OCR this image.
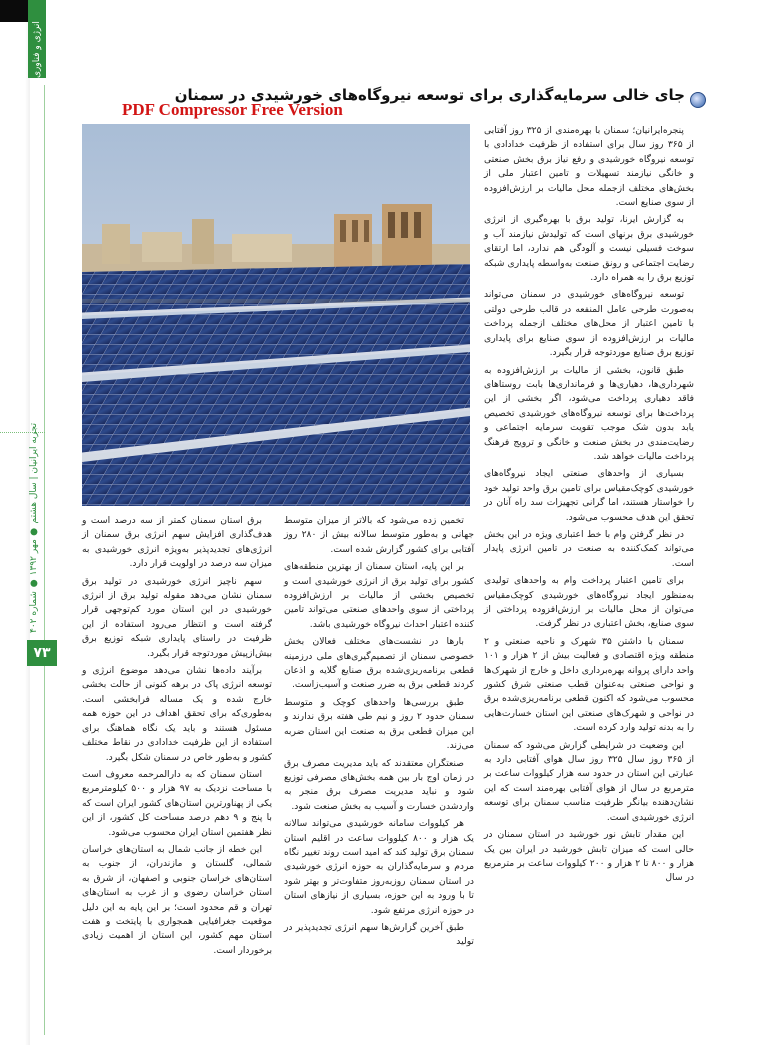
انرژی و فناوری
تجربه ایرانیان | سال هشتم ● مهر ۱۳۹۲ ● شماره ۴۰۲
۷۳
جای خالی سرمایه‌گذاری برای توسعه نیروگاه‌های خورشیدی در سمنان
PDF Compressor Free Version

پنجره‌ایرانیان؛ سمنان با بهره‌مندی از ۳۲۵ روز آفتابی از ۳۶۵ روز سال برای استفاده از ظرفیت خدادادی با توسعه نیروگاه خورشیدی و رفع نیاز برق بخش صنعتی و خانگی نیازمند تسهیلات و تامین اعتبار ملی از بخش‌های مختلف ازجمله محل مالیات بر ارزش‌افزوده از سوی صنایع است.

به گزارش ایرنا، تولید برق با بهره‌گیری از انرژی خورشیدی برق برنهای است که تولیدش نیازمند آب و سوخت فسیلی نیست و آلودگی هم ندارد، اما ارتقای رضایت اجتماعی و رونق صنعت به‌واسطه پایداری شبکه توزیع برق را به همراه دارد.

توسعه نیروگاه‌های خورشیدی در سمنان می‌تواند به‌صورت طرحی عامل المنفعه در قالب طرحی دولتی با تامین اعتبار از محل‌های مختلف ازجمله پرداخت مالیات بر ارزش‌افزوده از سوی صنایع برای پایداری توزیع برق صنایع موردتوجه قرار بگیرد.

طبق قانون، بخشی از مالیات بر ارزش‌افزوده به شهرداری‌ها، دهیاری‌ها و فرمانداری‌ها بابت روستاهای فاقد دهیاری پرداخت می‌شود، اگر بخشی از این پرداخت‌ها برای توسعه نیروگاه‌های خورشیدی تخصیص یابد بدون شک موجب تقویت سرمایه اجتماعی و رضایت‌مندی در بخش صنعت و خانگی و ترویج فرهنگ پرداخت مالیات خواهد شد.

بسیاری از واحدهای صنعتی ایجاد نیروگاه‌های خورشیدی کوچک‌مقیاس برای تامین برق واحد تولید خود را خواستار هستند، اما گرانی تجهیزات سد راه آنان در تحقق این هدف محسوب می‌شود.

در نظر گرفتن وام با خط اعتباری ویژه در این بخش می‌تواند کمک‌کننده به صنعت در تامین انرژی پایدار است.

برای تامین اعتبار پرداخت وام به واحدهای تولیدی به‌منظور ایجاد نیروگاه‌های خورشیدی کوچک‌مقیاس می‌توان از محل مالیات بر ارزش‌افزوده پرداختی از سوی صنایع، بخش اعتباری در نظر گرفت.

سمنان با داشتن ۳۵ شهرک و ناحیه صنعتی و ۲ منطقه ویژه اقتصادی و فعالیت بیش از ۲ هزار و ۱۰۱ واحد دارای پروانه بهره‌برداری داخل و خارج از شهرک‌ها و نواحی صنعتی به‌عنوان قطب صنعتی شرق کشور محسوب می‌شود که اکنون قطعی برنامه‌ریزی‌شده برق در نواحی و شهرک‌های صنعتی این استان خسارت‌هایی را به بدنه تولید وارد کرده است.

این وضعیت در شرایطی گزارش می‌شود که سمنان از ۳۶۵ روز سال ۳۲۵ روز سال هوای آفتابی دارد به عبارتی این استان در حدود سه هزار کیلووات ساعت بر مترمربع در سال از هوای آفتابی بهره‌مند است که این نشان‌دهنده بیانگر ظرفیت مناسب سمنان برای توسعه انرژی خورشیدی است.

این مقدار تابش نور خورشید در استان سمنان در حالی است که میزان تابش خورشید در ایران بین یک هزار و ۸۰۰ تا ۲ هزار و ۲۰۰ کیلووات ساعت بر مترمربع در سال

تخمین زده می‌شود که بالاتر از میزان متوسط جهانی و به‌طور متوسط سالانه بیش از ۲۸۰ روز آفتابی برای کشور گزارش شده است.

بر این پایه، استان سمنان از بهترین منطقه‌های کشور برای تولید برق از انرژی خورشیدی است و تخصیص بخشی از مالیات بر ارزش‌افزوده پرداختی از سوی واحدهای صنعتی می‌تواند تامین کننده اعتبار احداث نیروگاه خورشیدی باشد.

بارها در نشست‌های مختلف فعالان بخش خصوصی سمنان از تصمیم‌گیری‌های ملی درزمینه قطعی برنامه‌ریزی‌شده برق صنایع گلایه و اذعان کردند قطعی برق به ضرر صنعت و آسیب‌زاست.

طبق بررسی‌ها واحدهای کوچک و متوسط سمنان حدود ۲ روز و نیم طی هفته برق ندارند و این میزان قطعی برق به صنعت این استان ضربه می‌زند.

صنعتگران معتقدند که باید مدیریت مصرف برق در زمان اوج بار بین همه بخش‌های مصرفی توزیع شود و نباید مدیریت مصرف برق منجر به واردشدن خسارت و آسیب به بخش صنعت شود.

هر کیلووات سامانه خورشیدی می‌تواند سالانه یک هزار و ۸۰۰ کیلووات ساعت در اقلیم استان سمنان برق تولید کند که امید است روند تغییر نگاه مردم و سرمایه‌گذاران به حوزه انرژی خورشیدی در استان سمنان روزبه‌روز متفاوت‌تر و بهتر شود تا با ورود به این حوزه، بسیاری از نیازهای استان در حوزه انرژی مرتفع شود.

طبق آخرین گزارش‌ها سهم انرژی تجدیدپذیر در تولید

برق استان سمنان کمتر از سه درصد است و هدف‌گذاری افزایش سهم انرژی برق سمنان از انرژی‌های تجدیدپذیر به‌ویژه انرژی خورشیدی به میزان سه درصد در اولویت قرار دارد.

سهم ناچیز انرژی خورشیدی در تولید برق سمنان نشان می‌دهد مقوله تولید برق از انرژی خورشیدی در این استان مورد کم‌توجهی قرار گرفته است و انتظار می‌رود استفاده از این ظرفیت در راستای پایداری شبکه توزیع برق بیش‌ازپیش موردتوجه قرار بگیرد.

برآیند داده‌ها نشان می‌دهد موضوع انرژی و توسعه انرژی پاک در برهه کنونی از حالت بخشی خارج شده و یک مساله فرابخشی است. به‌طوری‌که برای تحقق اهداف در این حوزه همه مسئول هستند و باید یک نگاه هماهنگ برای استفاده از این ظرفیت خدادادی در نقاط مختلف کشور و به‌طور خاص در سمنان شکل بگیرد.

استان سمنان که به دارالمرحمه معروف است با مساحت نزدیک به ۹۷ هزار و ۵۰۰ کیلومترمربع یکی از پهناورترین استان‌های کشور ایران است که با پنج و ۹ دهم درصد مساحت کل کشور، از این نظر هفتمین استان ایران محسوب می‌شود.

این خطه از جانب شمال به استان‌های خراسان شمالی، گلستان و مازندران، از جنوب به استان‌های خراسان جنوبی و اصفهان، از شرق به استان خراسان رضوی و از غرب به استان‌های تهران و قم محدود است؛ بر این پایه به این دلیل موقعیت جغرافیایی همجواری با پایتخت و هفت استان مهم کشور، این استان از اهمیت زیادی برخوردار است.
